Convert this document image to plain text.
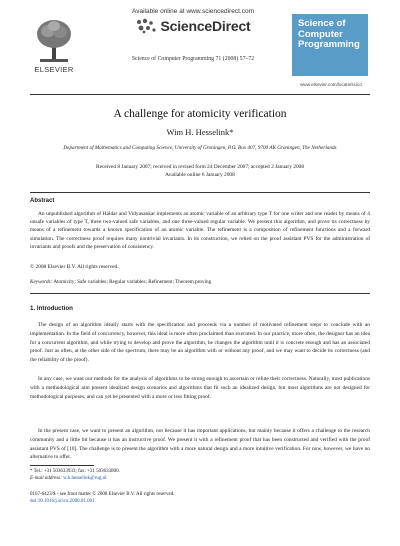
ELSEVIER
Available online at www.sciencedirect.com
ScienceDirect
Science of Computer Programming 71 (2008) 57–72
Science of
Computer
Programming
www.elsevier.com/locate/scico
A challenge for atomicity verification
Wim H. Hesselink*
Department of Mathematics and Computing Science, University of Groningen, P.O. Box 407, 9700 AK Groningen, The Netherlands
Received 8 January 2007; received in revised form 24 December 2007; accepted 2 January 2008
Available online 6 January 2008
Abstract
An unpublished algorithm of Haldar and Vidyasankar implements an atomic variable of an arbitrary type T for one writer and one reader by means of 4 unsafe variables of type T, three two-valued safe variables, and one three-valued regular variable. We present this algorithm, and prove its correctness by means of a refinement towards a known specification of an atomic variable. The refinement is a composition of refinement functions and a forward simulation. The correctness proof requires many nontrivial invariants. In its construction, we relied on the proof assistant PVS for the administration of invariants and proofs and the preservation of consistency.
© 2008 Elsevier B.V. All rights reserved.
Keywords: Atomicity; Safe variables; Regular variables; Refinement; Theorem proving
1. Introduction
The design of an algorithm ideally starts with the specification and proceeds via a number of motivated refinement steps to conclude with an implementation. In the field of concurrency, however, this ideal is more often proclaimed than executed. In our practice, more often, the designer has an idea for a concurrent algorithm, and while trying to develop and prove the algorithm, he changes the algorithm until it is concrete enough and has an associated proof. Just as often, at the other side of the spectrum, there may be an algorithm with or without any proof, and we may want to decide its correctness (and the reliability of the proof).
In any case, we want our methods for the analysis of algorithms to be strong enough to ascertain or refute their correctness. Naturally, most publications with a methodological aim present idealized design scenarios and algorithms that fit such an idealized design, but most algorithms are not designed for methodological purposes, and can yet be presented with a more or less fitting proof.
In the present case, we want to present an algorithm, not because it has important applications, but mainly because it offers a challenge to the research community and a little bit because it has an instructive proof. We present it with a refinement proof that has been constructed and verified with the proof assistant PVS of [10]. The challenge is to present the algorithm with a more natural design and a more intuitive verification. For now, however, we have no alternative to offer.
* Tel.: +31 503633933; fax: +31 503633800.
E-mail address: w.h.hesselink@rug.nl
0167-6423/$ - see front matter © 2008 Elsevier B.V. All rights reserved.
doi:10.1016/j.scico.2008.01.001
